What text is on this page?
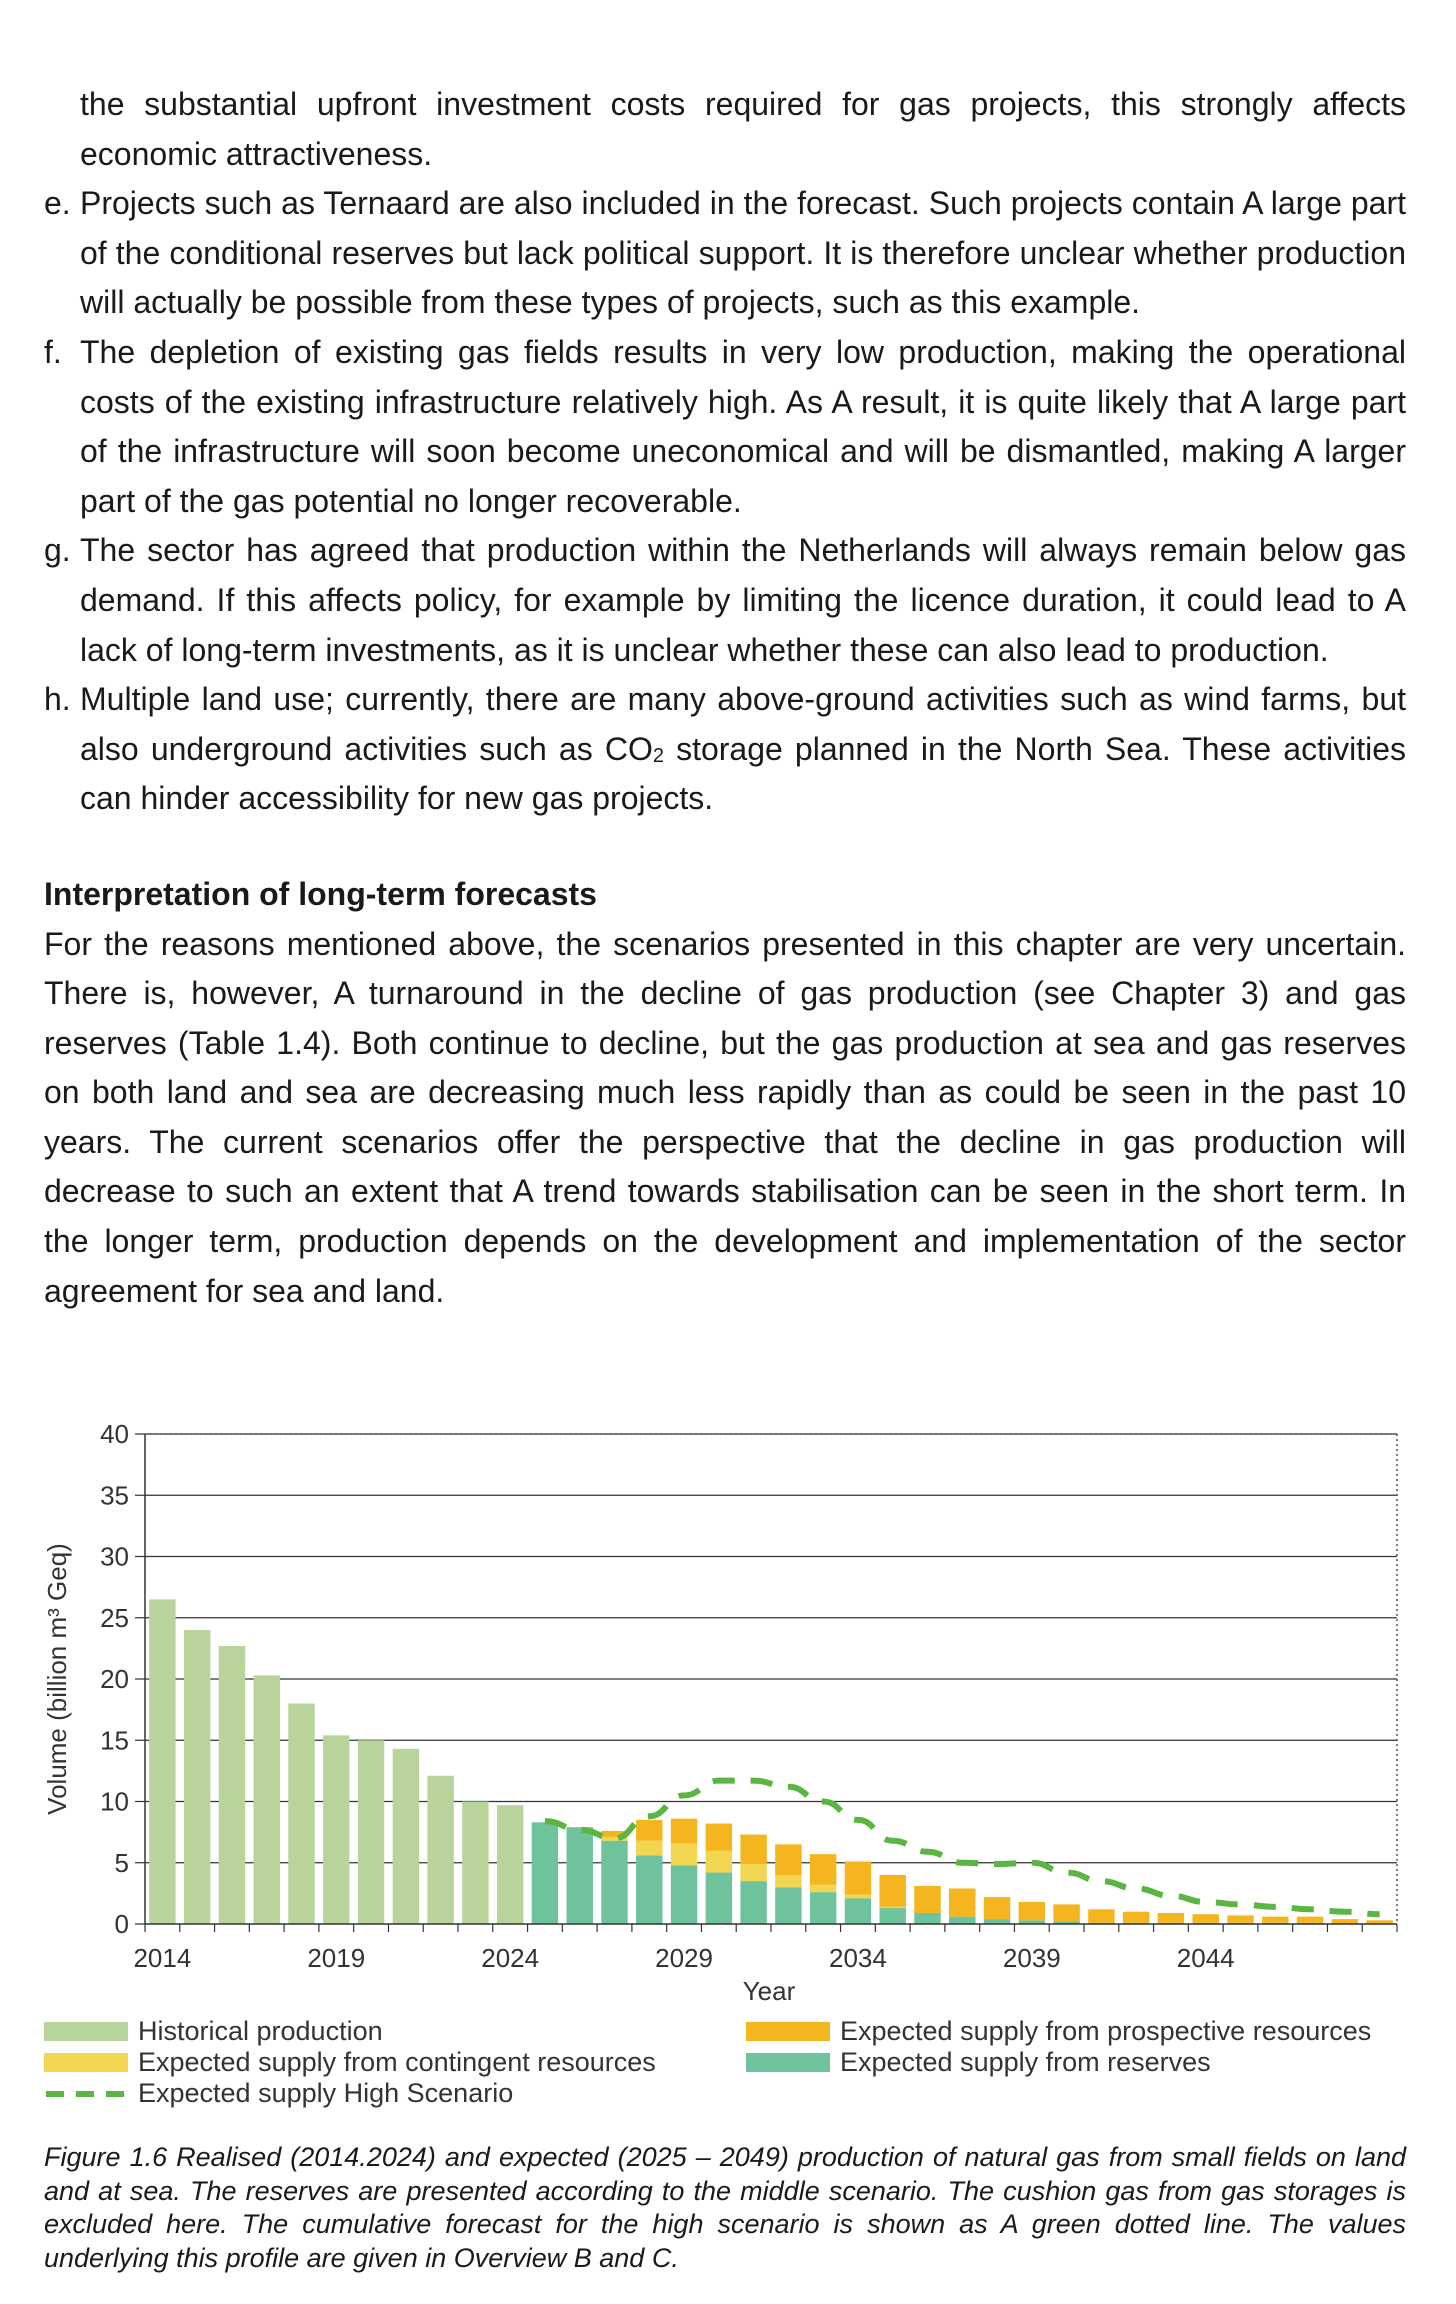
the substantial upfront investment costs required for gas projects, this strongly affects economic attractiveness.
e. Projects such as Ternaard are also included in the forecast. Such projects contain A large part of the conditional reserves but lack political support. It is therefore unclear whether production will actually be possible from these types of projects, such as this example.
f. The depletion of existing gas fields results in very low production, making the operational costs of the existing infrastructure relatively high. As A result, it is quite likely that A large part of the infrastructure will soon become uneconomical and will be dismantled, making A larger part of the gas potential no longer recoverable.
g. The sector has agreed that production within the Netherlands will always remain below gas demand. If this affects policy, for example by limiting the licence duration, it could lead to A lack of long-term investments, as it is unclear whether these can also lead to production.
h. Multiple land use; currently, there are many above-ground activities such as wind farms, but also underground activities such as $CO_2$ storage planned in the North Sea. These activities can hinder accessibility for new gas projects.
Interpretation of long-term forecasts
For the reasons mentioned above, the scenarios presented in this chapter are very uncertain. There is, however, A turnaround in the decline of gas production (see Chapter 3) and gas reserves (Table 1.4). Both continue to decline, but the gas production at sea and gas reserves on both land and sea are decreasing much less rapidly than as could be seen in the past 10 years. The current scenarios offer the perspective that the decline in gas production will decrease to such an extent that A trend towards stabilisation can be seen in the short term. In the longer term, production depends on the development and implementation of the sector agreement for sea and land.
0
5
10
15
20
25
30
35
40
2014	2019	2024	2029	2034	2039	2044
Year
Volume (billion m³ Geq)
Historical production	Expected supply from prospective resources
Expected supply from contingent resources	Expected supply from reserves
Expected supply High Scenario
Figure 1.6 Realised (2014.2024) and expected (2025 – 2049) production of natural gas from small fields on land and at sea. The reserves are presented according to the middle scenario. The cushion gas from gas storages is excluded here. The cumulative forecast for the high scenario is shown as A green dotted line. The values underlying this profile are given in Overview B and C.
